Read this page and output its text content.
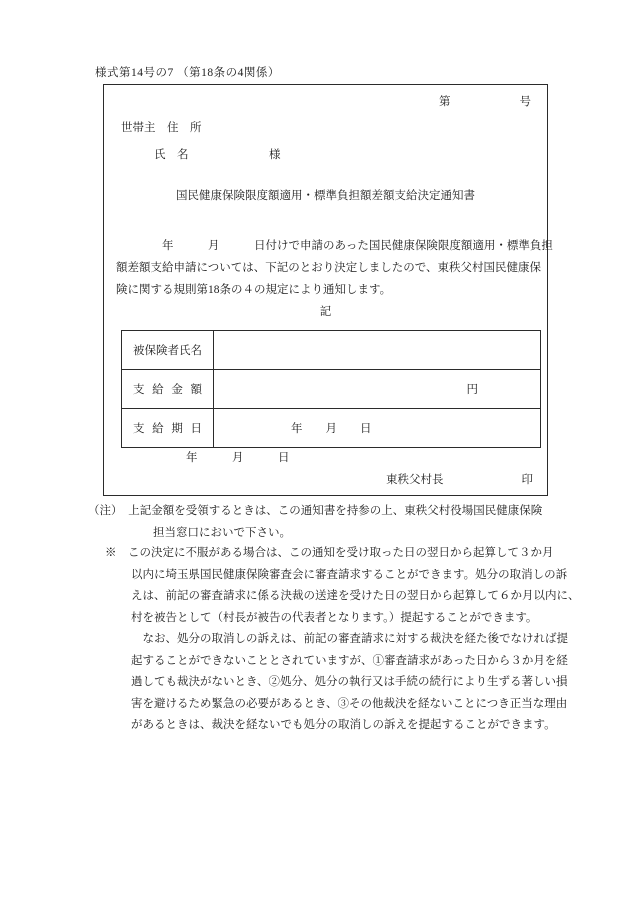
様式第14号の7 （第18条の4関係）
第　　　　　　号
世帯主　住　所
氏　名　　　　　　　様
国民健康保険限度額適用・標準負担額差額支給決定通知書
　　　　年　　　月　　　日付けで申請のあった国民健康保険限度額適用・標準負担
額差額支給申請については、下記のとおり決定しましたので、東秩父村国民健康保
険に関する規則第18条の４の規定により通知します。
記
被保険者氏名
支給金額	円
支給期日	年　　月　　日
年　　　月　　　日
東秩父村長	印
（注）　上記金額を受領するときは、この通知書を持参の上、東秩父村役場国民健康保険
担当窓口においで下さい。
※　この決定に不服がある場合は、この通知を受け取った日の翌日から起算して３か月
以内に埼玉県国民健康保険審査会に審査請求することができます。処分の取消しの訴
えは、前記の審査請求に係る決裁の送達を受けた日の翌日から起算して６か月以内に、
村を被告として（村長が被告の代表者となります。）提起することができます。
　なお、処分の取消しの訴えは、前記の審査請求に対する裁決を経た後でなければ提
起することができないこととされていますが、①審査請求があった日から３か月を経
過しても裁決がないとき、②処分、処分の執行又は手続の続行により生ずる著しい損
害を避けるため緊急の必要があるとき、③その他裁決を経ないことにつき正当な理由
があるときは、裁決を経ないでも処分の取消しの訴えを提起することができます。
